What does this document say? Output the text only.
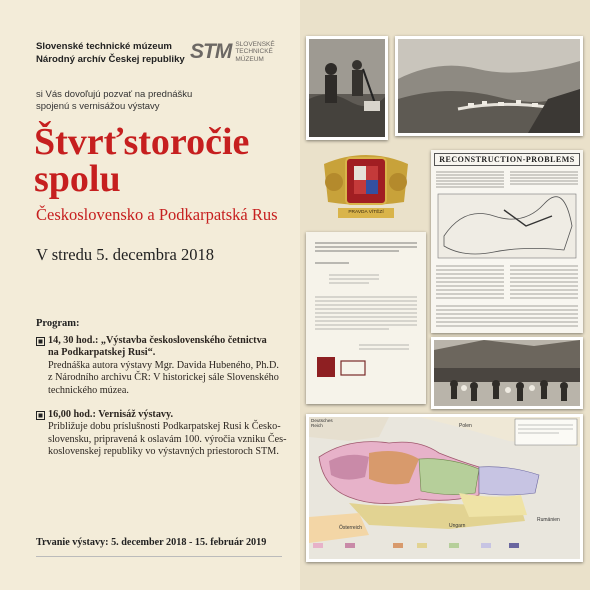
Slovenské technické múzeum
Národný archív Českej republiky STM SLOVENSKÉ
TECHNICKÉ
MÚZEUM
si Vás dovoľujú pozvať na prednášku
spojenú s vernisážou výstavy
Štvrťstoročie
spolu
Československo a Podkarpatská Rus
V stredu 5. decembra 2018
Program:
14, 30 hod.: „Výstavba československého četnictva
na Podkarpatskej Rusi“.
Prednáška autora výstavy Mgr. Davida Hubeného, Ph.D.
z Národního archivu ČR: V historickej sále Slovenského
technického múzea.
16,00 hod.: Vernisáž výstavy.
Približuje dobu príslušnosti Podkarpatskej Rusi k Česko-
slovensku, pripravená k oslavám 100. výročia vzniku Čes-
koslovenskej republiky vo výstavných priestoroch STM.
Trvanie výstavy: 5. december 2018 - 15. február 2019
PRAVDA VÍTĚZÍ
RECONSTRUCTION-PROBLEMS
Deutsches Reich	Polen
Österreich	Ungarn
Rumänien
